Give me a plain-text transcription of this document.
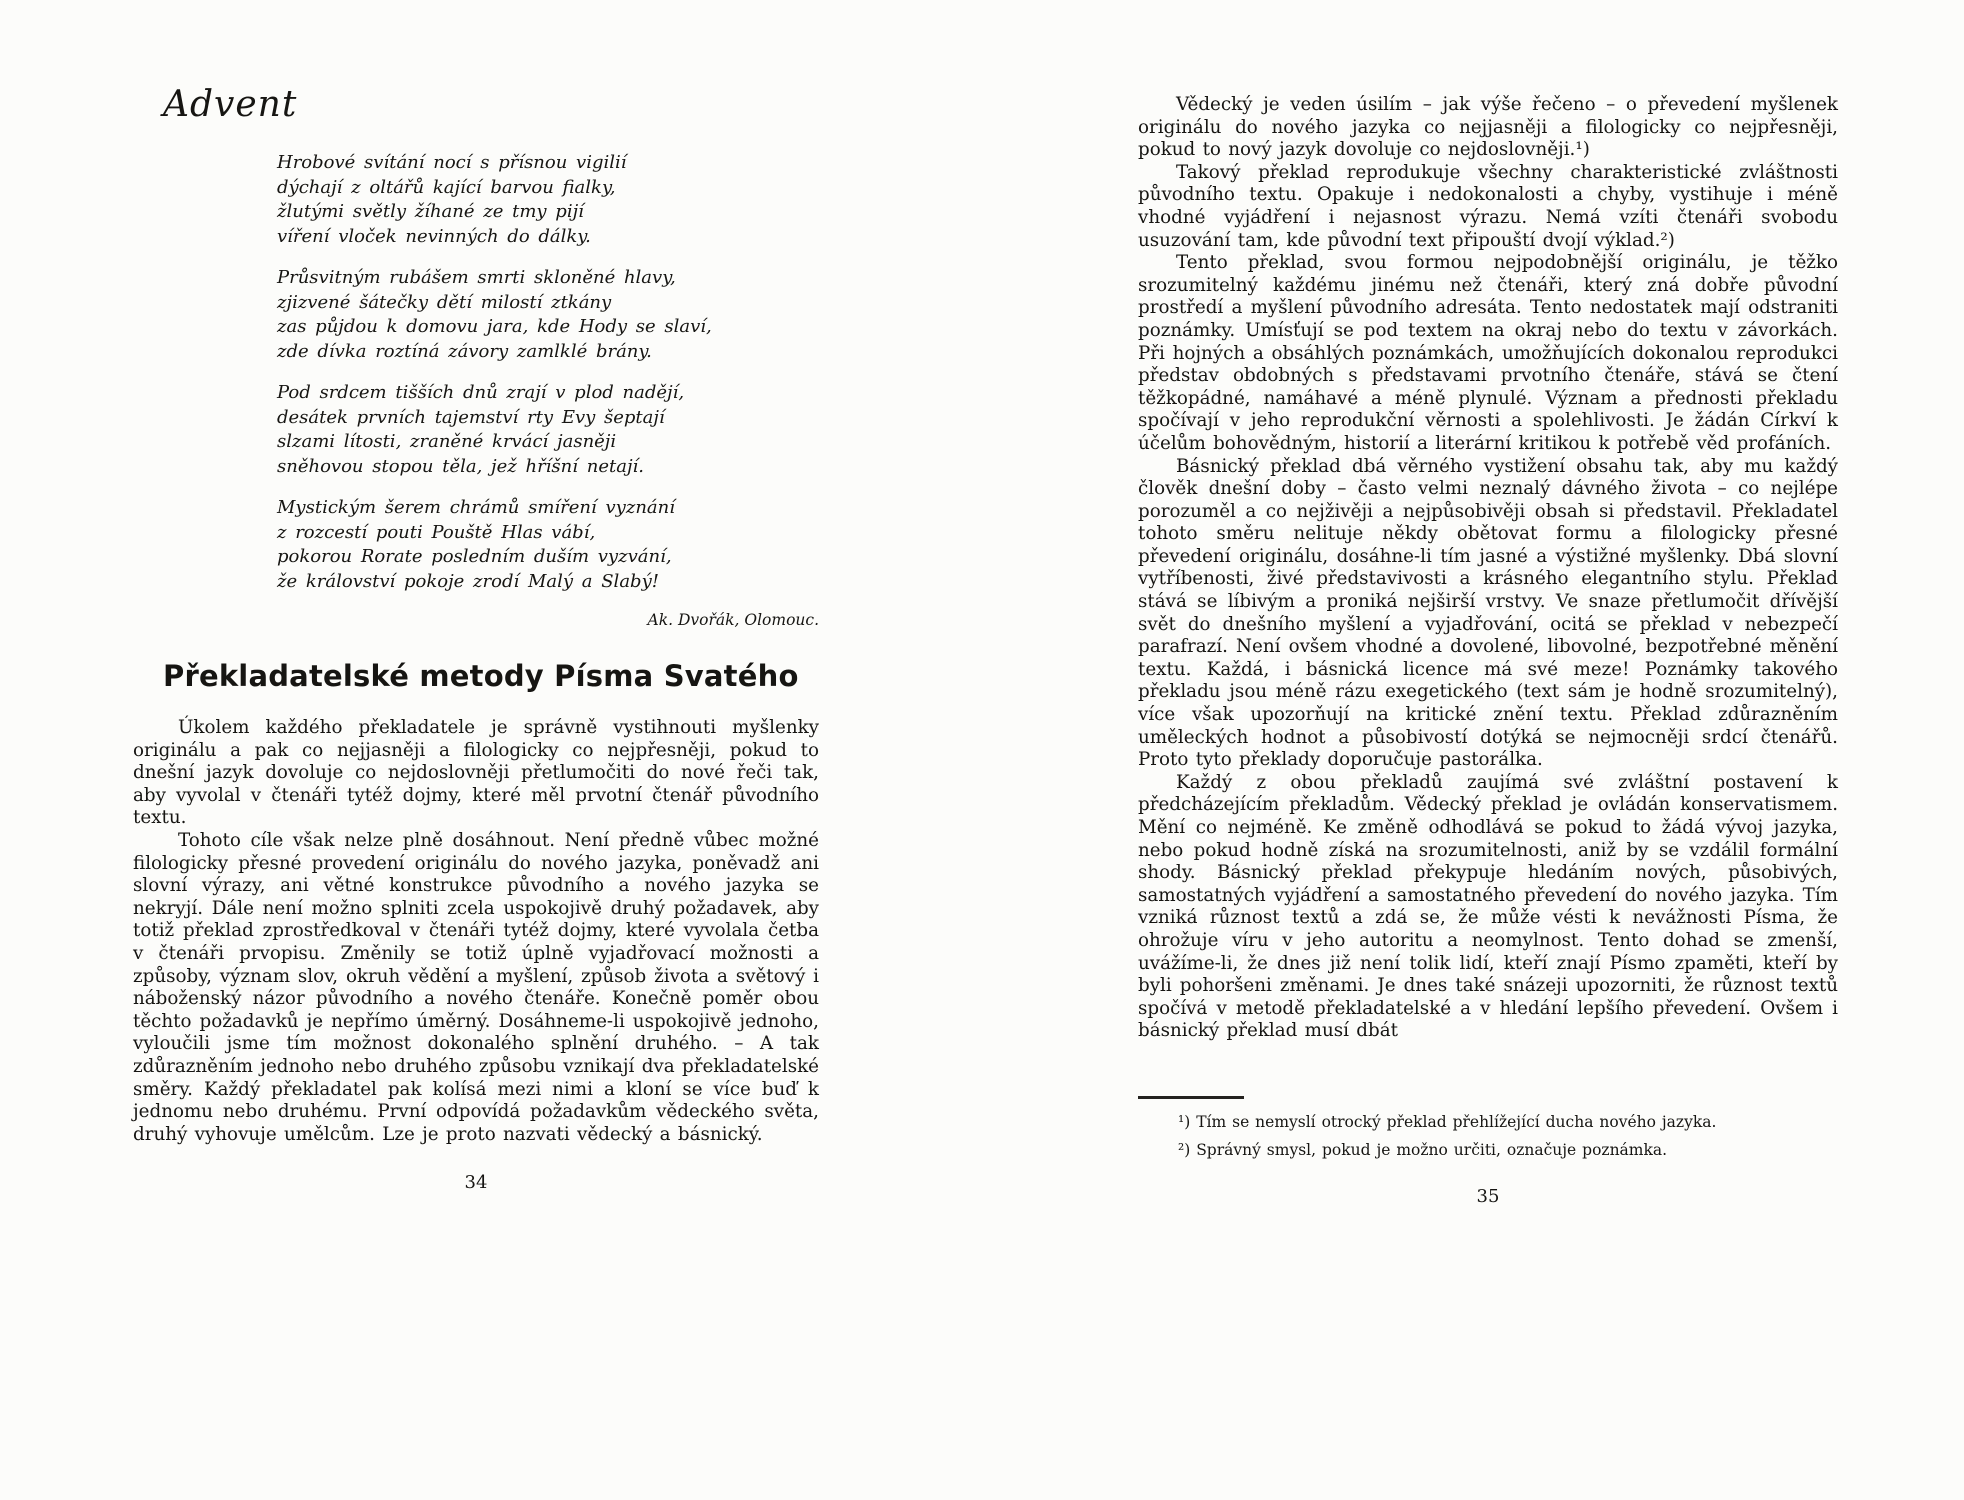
Advent
Hrobové svítání nocí s přísnou vigilií
dýchají z oltářů kající barvou fialky,
žlutými světly žíhané ze tmy pijí
víření vloček nevinných do dálky.
Průsvitným rubášem smrti skloněné hlavy,
zjizvené šátečky dětí milostí ztkány
zas půjdou k domovu jara, kde Hody se slaví,
zde dívka roztíná závory zamlklé brány.
Pod srdcem tišších dnů zrají v plod nadějí,
desátek prvních tajemství rty Evy šeptají
slzami lítosti, zraněné krvácí jasněji
sněhovou stopou těla, jež hříšní netají.
Mystickým šerem chrámů smíření vyznání
z rozcestí pouti Pouště Hlas vábí,
pokorou Rorate posledním duším vyzvání,
že království pokoje zrodí Malý a Slabý!
Ak. Dvořák, Olomouc.
Překladatelské metody Písma Svatého

Úkolem každého překladatele je správně vystihnouti myšlenky originálu a pak co nejjasněji a filologicky co nejpřesněji, pokud to dnešní jazyk dovoluje co nejdoslovněji přetlumočiti do nové řeči tak, aby vyvolal v čtenáři tytéž dojmy, které měl prvotní čtenář původního textu.

Tohoto cíle však nelze plně dosáhnout. Není předně vůbec možné filologicky přesné provedení originálu do nového jazyka, poněvadž ani slovní výrazy, ani větné konstrukce původního a nového jazyka se nekryjí. Dále není možno splniti zcela uspokojivě druhý požadavek, aby totiž překlad zprostředkoval v čtenáři tytéž dojmy, které vyvolala četba v čtenáři prvopisu. Změnily se totiž úplně vyjadřovací možnosti a způsoby, význam slov, okruh vědění a myšlení, způsob života a světový i náboženský názor původního a nového čtenáře. Konečně poměr obou těchto požadavků je nepřímo úměrný. Dosáhneme-li uspokojivě jednoho, vyloučili jsme tím možnost dokonalého splnění druhého. – A tak zdůrazněním jednoho nebo druhého způsobu vznikají dva překladatelské směry. Každý překladatel pak kolísá mezi nimi a kloní se více buď k jednomu nebo druhému. První odpovídá požadavkům vědeckého světa, druhý vyhovuje umělcům. Lze je proto nazvati vědecký a básnický.

34

Vědecký je veden úsilím – jak výše řečeno – o převedení myšlenek originálu do nového jazyka co nejjasněji a filologicky co nejpřesněji, pokud to nový jazyk dovoluje co nejdoslovněji.¹)

Takový překlad reprodukuje všechny charakteristické zvláštnosti původního textu. Opakuje i nedokonalosti a chyby, vystihuje i méně vhodné vyjádření i nejasnost výrazu. Nemá vzíti čtenáři svobodu usuzování tam, kde původní text připouští dvojí výklad.²)

Tento překlad, svou formou nejpodobnější originálu, je těžko srozumitelný každému jinému než čtenáři, který zná dobře původní prostředí a myšlení původního adresáta. Tento nedostatek mají odstraniti poznámky. Umísťují se pod textem na okraj nebo do textu v závorkách. Při hojných a obsáhlých poznámkách, umožňujících dokonalou reprodukci představ obdobných s představami prvotního čtenáře, stává se čtení těžkopádné, namáhavé a méně plynulé. Význam a přednosti překladu spočívají v jeho reprodukční věrnosti a spolehlivosti. Je žádán Církví k účelům bohovědným, historií a literární kritikou k potřebě věd profáních.

Básnický překlad dbá věrného vystižení obsahu tak, aby mu každý člověk dnešní doby – často velmi neznalý dávného života – co nejlépe porozuměl a co nejživěji a nejpůsobivěji obsah si představil. Překladatel tohoto směru nelituje někdy obětovat formu a filologicky přesné převedení originálu, dosáhne-li tím jasné a výstižné myšlenky. Dbá slovní vytříbenosti, živé představivosti a krásného elegantního stylu. Překlad stává se líbivým a proniká nejširší vrstvy. Ve snaze přetlumočit dřívější svět do dnešního myšlení a vyjadřování, ocitá se překlad v nebezpečí parafrazí. Není ovšem vhodné a dovolené, libovolné, bezpotřebné měnění textu. Každá, i básnická licence má své meze! Poznámky takového překladu jsou méně rázu exegetického (text sám je hodně srozumitelný), více však upozorňují na kritické znění textu. Překlad zdůrazněním uměleckých hodnot a působivostí dotýká se nejmocněji srdcí čtenářů. Proto tyto překlady doporučuje pastorálka.

Každý z obou překladů zaujímá své zvláštní postavení k předcházejícím překladům. Vědecký překlad je ovládán konservatismem. Mění co nejméně. Ke změně odhodlává se pokud to žádá vývoj jazyka, nebo pokud hodně získá na srozumitelnosti, aniž by se vzdálil formální shody. Básnický překlad překypuje hledáním nových, působivých, samostatných vyjádření a samostatného převedení do nového jazyka. Tím vzniká různost textů a zdá se, že může vésti k nevážnosti Písma, že ohrožuje víru v jeho autoritu a neomylnost. Tento dohad se zmenší, uvážíme-li, že dnes již není tolik lidí, kteří znají Písmo zpaměti, kteří by byli pohoršeni změnami. Je dnes také snázeji upozorniti, že různost textů spočívá v metodě překladatelské a v hledání lepšího převedení. Ovšem i básnický překlad musí dbát

¹) Tím se nemyslí otrocký překlad přehlížející ducha nového jazyka.
²) Správný smysl, pokud je možno určiti, označuje poznámka.
35
